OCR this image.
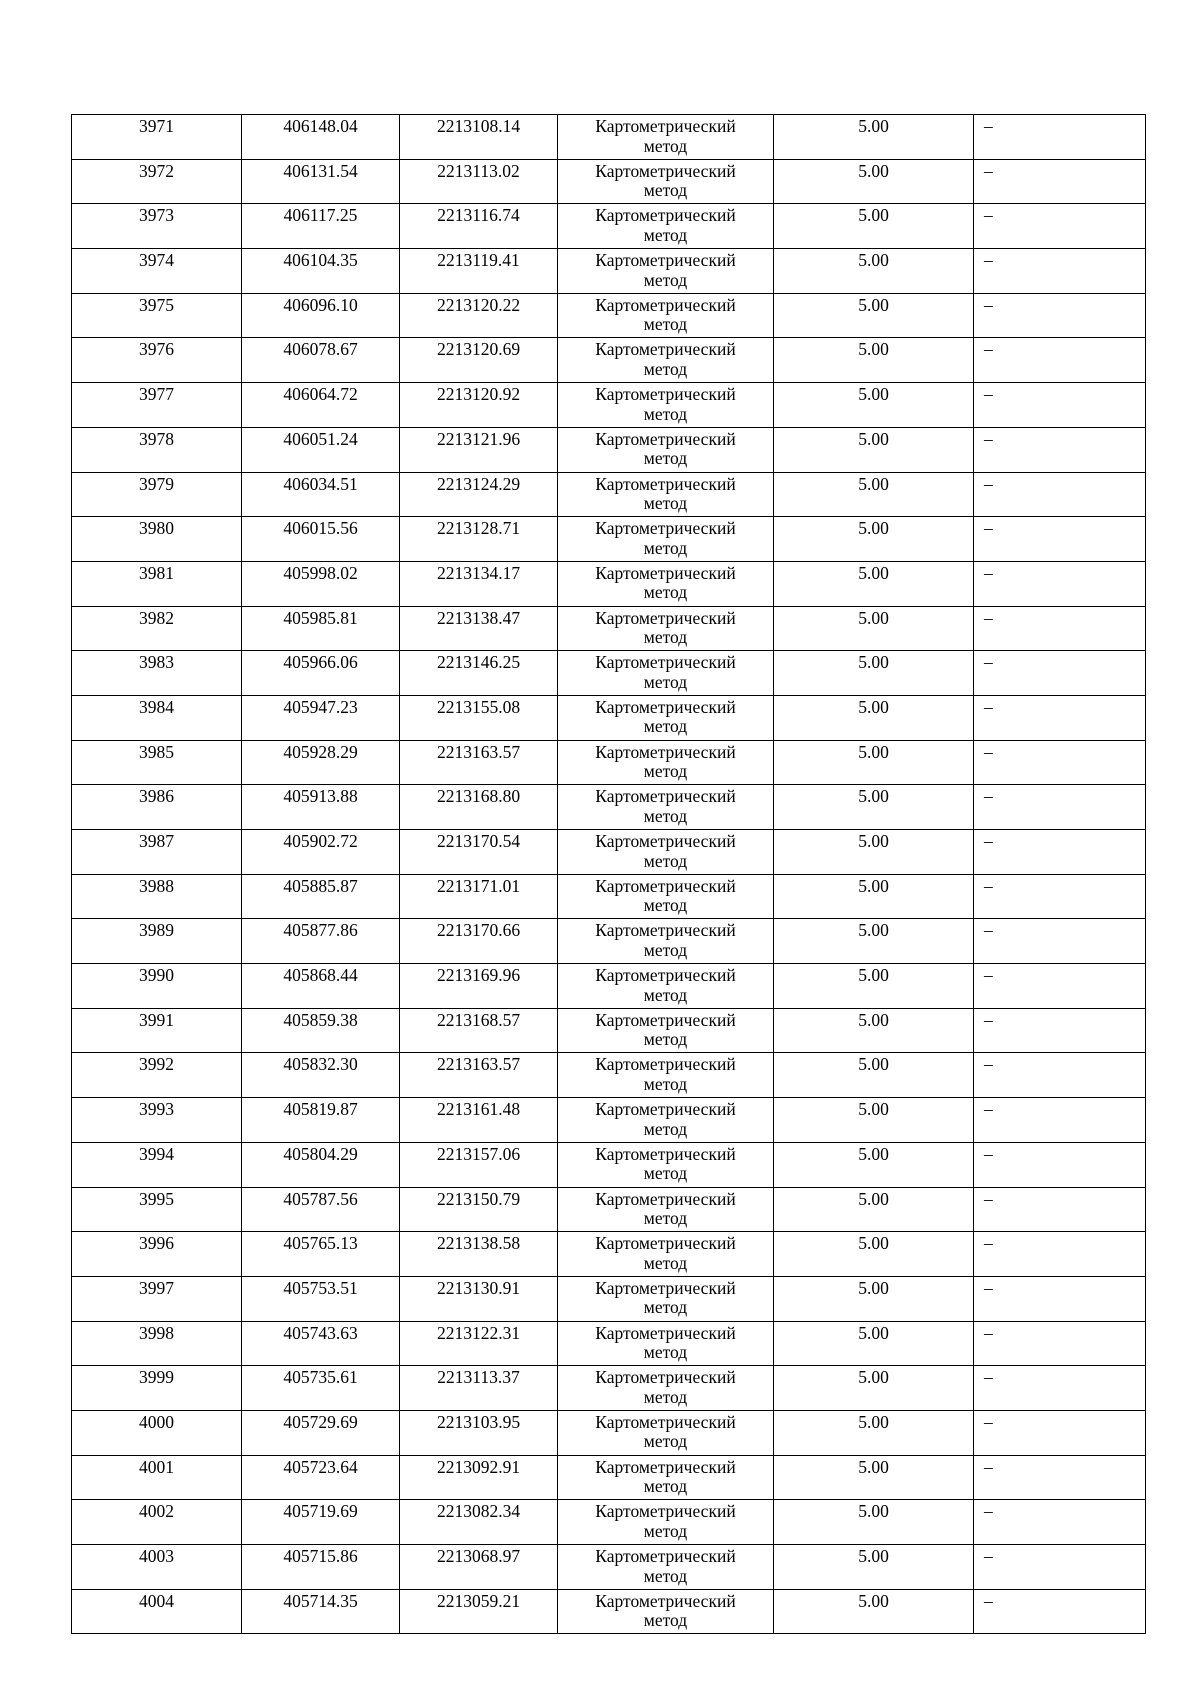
3971	406148.04	2213108.14	Картометрический
метод	5.00	–
3972	406131.54	2213113.02	Картометрический
метод	5.00	–
3973	406117.25	2213116.74	Картометрический
метод	5.00	–
3974	406104.35	2213119.41	Картометрический
метод	5.00	–
3975	406096.10	2213120.22	Картометрический
метод	5.00	–
3976	406078.67	2213120.69	Картометрический
метод	5.00	–
3977	406064.72	2213120.92	Картометрический
метод	5.00	–
3978	406051.24	2213121.96	Картометрический
метод	5.00	–
3979	406034.51	2213124.29	Картометрический
метод	5.00	–
3980	406015.56	2213128.71	Картометрический
метод	5.00	–
3981	405998.02	2213134.17	Картометрический
метод	5.00	–
3982	405985.81	2213138.47	Картометрический
метод	5.00	–
3983	405966.06	2213146.25	Картометрический
метод	5.00	–
3984	405947.23	2213155.08	Картометрический
метод	5.00	–
3985	405928.29	2213163.57	Картометрический
метод	5.00	–
3986	405913.88	2213168.80	Картометрический
метод	5.00	–
3987	405902.72	2213170.54	Картометрический
метод	5.00	–
3988	405885.87	2213171.01	Картометрический
метод	5.00	–
3989	405877.86	2213170.66	Картометрический
метод	5.00	–
3990	405868.44	2213169.96	Картометрический
метод	5.00	–
3991	405859.38	2213168.57	Картометрический
метод	5.00	–
3992	405832.30	2213163.57	Картометрический
метод	5.00	–
3993	405819.87	2213161.48	Картометрический
метод	5.00	–
3994	405804.29	2213157.06	Картометрический
метод	5.00	–
3995	405787.56	2213150.79	Картометрический
метод	5.00	–
3996	405765.13	2213138.58	Картометрический
метод	5.00	–
3997	405753.51	2213130.91	Картометрический
метод	5.00	–
3998	405743.63	2213122.31	Картометрический
метод	5.00	–
3999	405735.61	2213113.37	Картометрический
метод	5.00	–
4000	405729.69	2213103.95	Картометрический
метод	5.00	–
4001	405723.64	2213092.91	Картометрический
метод	5.00	–
4002	405719.69	2213082.34	Картометрический
метод	5.00	–
4003	405715.86	2213068.97	Картометрический
метод	5.00	–
4004	405714.35	2213059.21	Картометрический
метод	5.00	–
